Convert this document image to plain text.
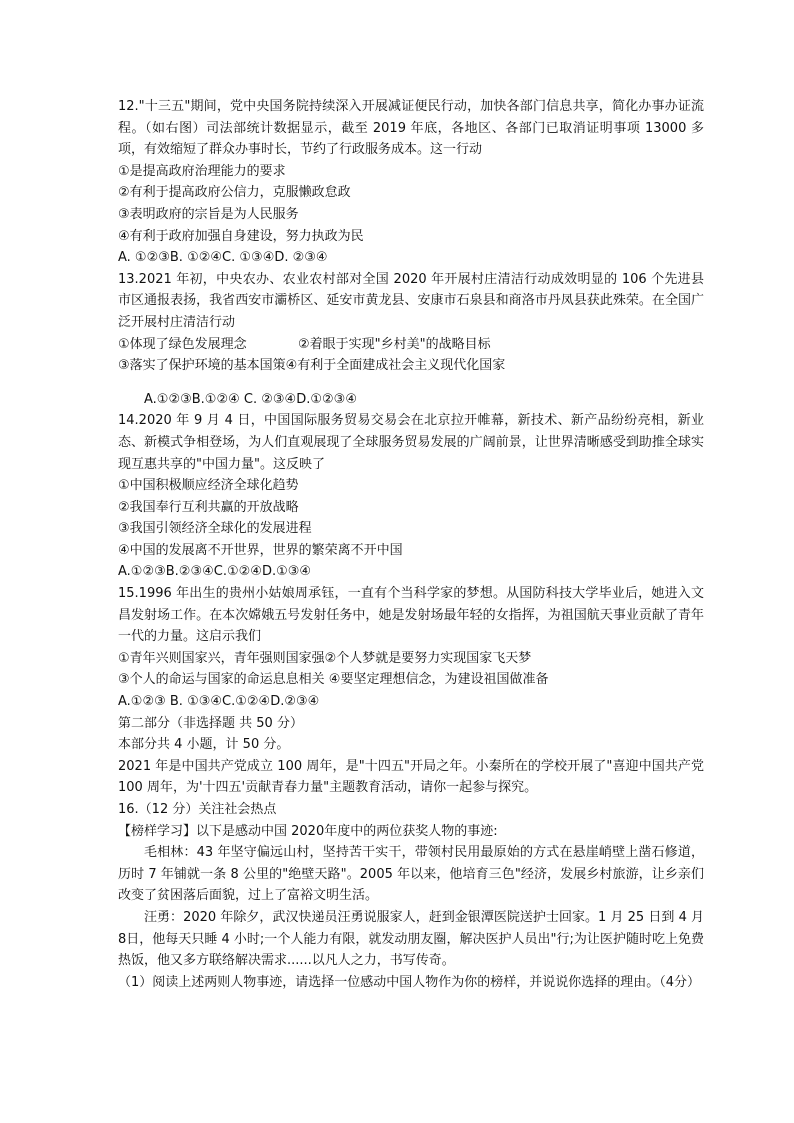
12."十三五"期间，党中央国务院持续深入开展减证便民行动，加快各部门信息共享，简化办事办证流程。（如右图）司法部统计数据显示，截至 2019 年底，各地区、各部门已取消证明事项 13000 多项，有效缩短了群众办事时长，节约了行政服务成本。这一行动
①是提高政府治理能力的要求
②有利于提高政府公信力，克服懒政怠政
③表明政府的宗旨是为人民服务
④有利于政府加强自身建设，努力执政为民
A. ①②③B. ①②④C. ①③④D. ②③④
13.2021 年初，中央农办、农业农村部对全国 2020 年开展村庄清洁行动成效明显的 106 个先进县市区通报表扬，我省西安市灞桥区、延安市黄龙县、安康市石泉县和商洛市丹凤县获此殊荣。在全国广泛开展村庄清洁行动
①体现了绿色发展理念	②着眼于实现"乡村美"的战略目标
③落实了保护环境的基本国策④有利于全面建成社会主义现代化国家
A.①②③B.①②④ C. ②③④D.①②③④
14.2020 年 9 月 4 日，中国国际服务贸易交易会在北京拉开帷幕，新技术、新产品纷纷亮相，新业态、新模式争相登场，为人们直观展现了全球服务贸易发展的广阔前景，让世界清晰感受到助推全球实现互惠共享的"中国力量"。这反映了
①中国积极顺应经济全球化趋势
②我国奉行互利共赢的开放战略
③我国引领经济全球化的发展进程
④中国的发展离不开世界，世界的繁荣离不开中国
A.①②③B.②③④C.①②④D.①③④
15.1996 年出生的贵州小姑娘周承钰，一直有个当科学家的梦想。从国防科技大学毕业后，她进入文昌发射场工作。在本次嫦娥五号发射任务中，她是发射场最年轻的女指挥，为祖国航天事业贡献了青年一代的力量。这启示我们
①青年兴则国家兴，青年强则国家强②个人梦就是要努力实现国家飞天梦
③个人的命运与国家的命运息息相关 ④要坚定理想信念，为建设祖国做准备
A.①②③ B. ①③④C.①②④D.②③④
第二部分（非选择题 共 50 分）
本部分共 4 小题，计 50 分。
2021 年是中国共产党成立 100 周年，是"十四五"开局之年。小秦所在的学校开展了"喜迎中国共产党 100 周年，为'十四五'贡献青春力量"主题教育活动，请你一起参与探究。
16.（12 分）关注社会热点
【榜样学习】以下是感动中国 2020年度中的两位获奖人物的事迹:
毛相林：43 年坚守偏远山村，坚持苦干实干，带领村民用最原始的方式在悬崖峭壁上凿石修道，历时 7 年铺就一条 8 公里的"绝壁天路"。2005 年以来，他培育三色"经济，发展乡村旅游，让乡亲们改变了贫困落后面貌，过上了富裕文明生活。
汪勇：2020 年除夕，武汉快递员汪勇说服家人，赶到金银潭医院送护士回家。1 月 25 日到 4 月 8日，他每天只睡 4 小时;一个人能力有限，就发动朋友圈，解决医护人员出"行;为让医护随时吃上免费热饭，他又多方联络解决需求......以凡人之力，书写传奇。
（1）阅读上述两则人物事迹，请选择一位感动中国人物作为你的榜样，并说说你选择的理由。（4分）
